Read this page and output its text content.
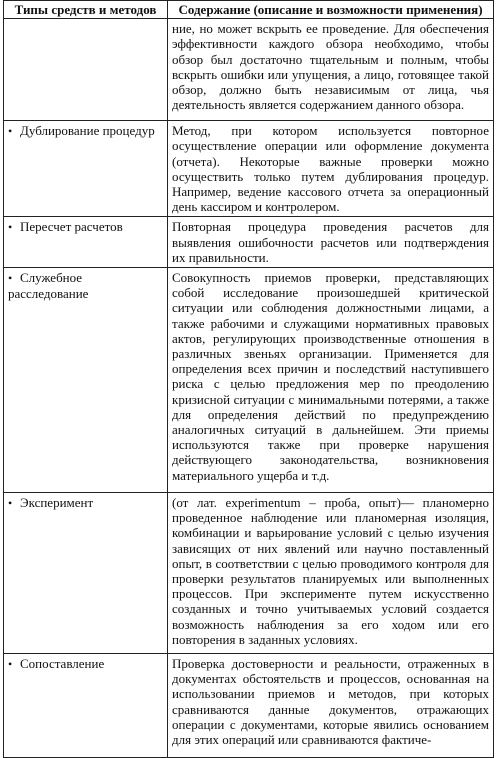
Типы средств и методов	Содержание (описание и возможности применения)
	ние, но может вскрыть ее проведение. Для обеспечения эффективности каждого обзора необходимо, чтобы обзор был достаточно тщательным и полным, чтобы вскрыть ошибки или упущения, а лицо, готовящее такой обзор, должно быть независимым от лица, чья деятельность является содержанием данного обзора.
• Дублирование процедур	Метод, при котором используется повторное осуществление операции или оформление документа (отчета). Некоторые важные проверки можно осуществить только путем дублирования процедур. Например, ведение кассового отчета за операционный день кассиром и контролером.
• Пересчет расчетов	Повторная процедура проведения расчетов для выявления ошибочности расчетов или подтверждения их правильности.
• Служебное расследование	Совокупность приемов проверки, представляющих собой исследование произошедшей критической ситуации или соблюдения должностными лицами, а также рабочими и служащими нормативных правовых актов, регулирующих производственные отношения в различных звеньях организации. Применяется для определения всех причин и последствий наступившего риска с целью предложения мер по преодолению кризисной ситуации с минимальными потерями, а также для определения действий по предупреждению аналогичных ситуаций в дальнейшем. Эти приемы используются также при проверке нарушения действующего законодательства, возникновения материального ущерба и т.д.
• Эксперимент	(от лат. experimentum – проба, опыт)— планомерно проведенное наблюдение или планомерная изоляция, комбинации и варьирование условий с целью изучения зависящих от них явлений или научно поставленный опыт, в соответствии с целью проводимого контроля для проверки результатов планируемых или выполненных процессов. При эксперименте путем искусственно созданных и точно учитываемых условий создается возможность наблюдения за его ходом или его повторения в заданных условиях.
• Сопоставление	Проверка достоверности и реальности, отраженных в документах обстоятельств и процессов, основанная на использовании приемов и методов, при которых сравниваются данные документов, отражающих операции с документами, которые явились основанием для этих операций или сравниваются фактиче-
